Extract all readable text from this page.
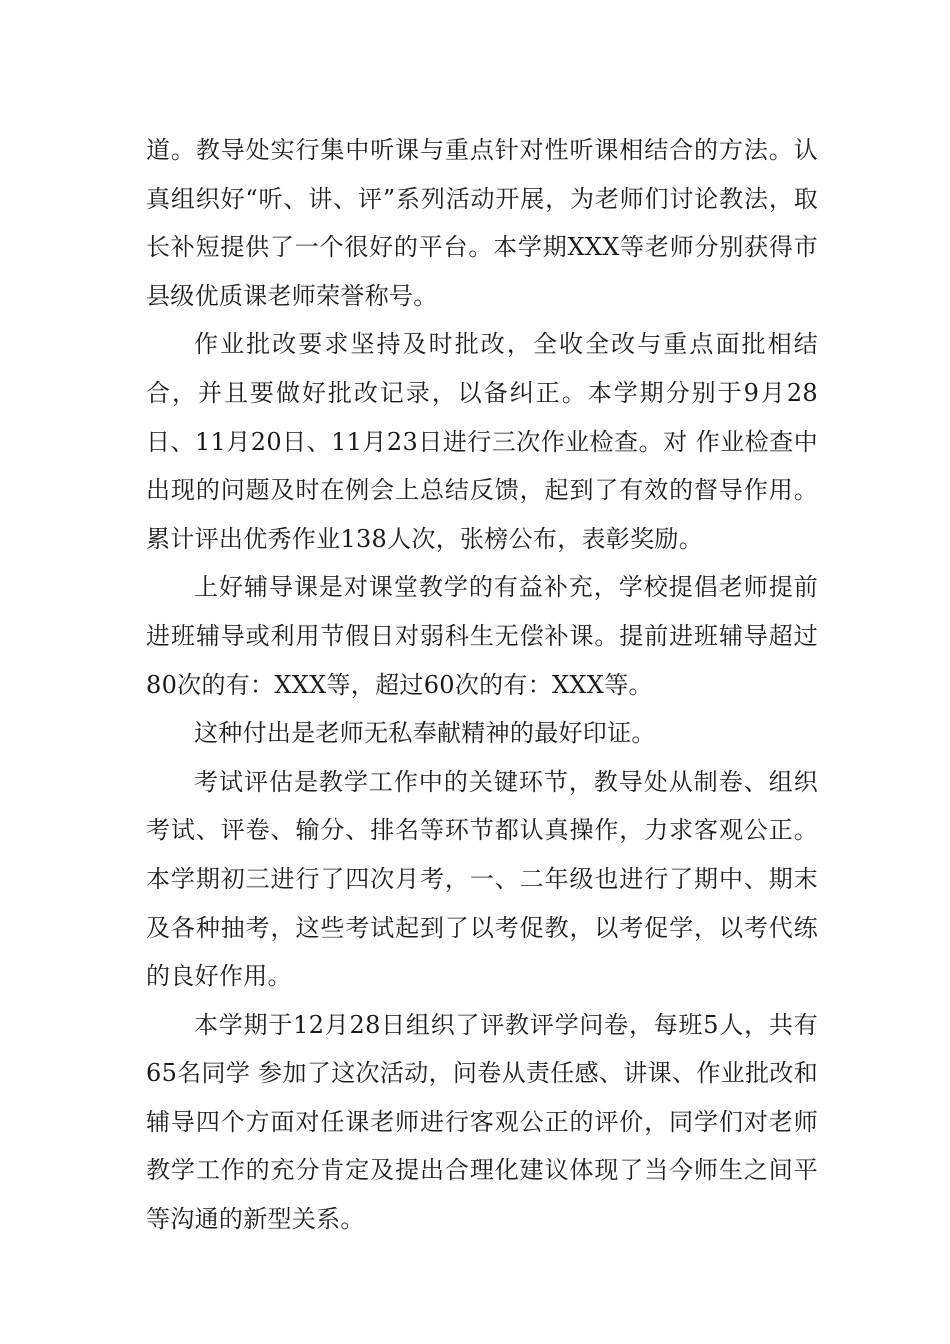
道。教导处实行集中听课与重点针对性听课相结合的方法。认真组织好“听、讲、评”系列活动开展，为老师们讨论教法，取长补短提供了一个很好的平台。本学期XXX等老师分别获得市县级优质课老师荣誉称号。

作业批改要求坚持及时批改，全收全改与重点面批相结合，并且要做好批改记录，以备纠正。本学期分别于9月28日、11月20日、11月23日进行三次作业检查。对 作业检查中出现的问题及时在例会上总结反馈，起到了有效的督导作用。累计评出优秀作业138人次，张榜公布，表彰奖励。

上好辅导课是对课堂教学的有益补充，学校提倡老师提前进班辅导或利用节假日对弱科生无偿补课。提前进班辅导超过80次的有：XXX等，超过60次的有：XXX等。

这种付出是老师无私奉献精神的最好印证。

考试评估是教学工作中的关键环节，教导处从制卷、组织考试、评卷、输分、排名等环节都认真操作，力求客观公正。本学期初三进行了四次月考，一、二年级也进行了期中、期末及各种抽考，这些考试起到了以考促教，以考促学，以考代练的良好作用。

本学期于12月28日组织了评教评学问卷，每班5人，共有65名同学 参加了这次活动，问卷从责任感、讲课、作业批改和辅导四个方面对任课老师进行客观公正的评价，同学们对老师教学工作的充分肯定及提出合理化建议体现了当今师生之间平等沟通的新型关系。
